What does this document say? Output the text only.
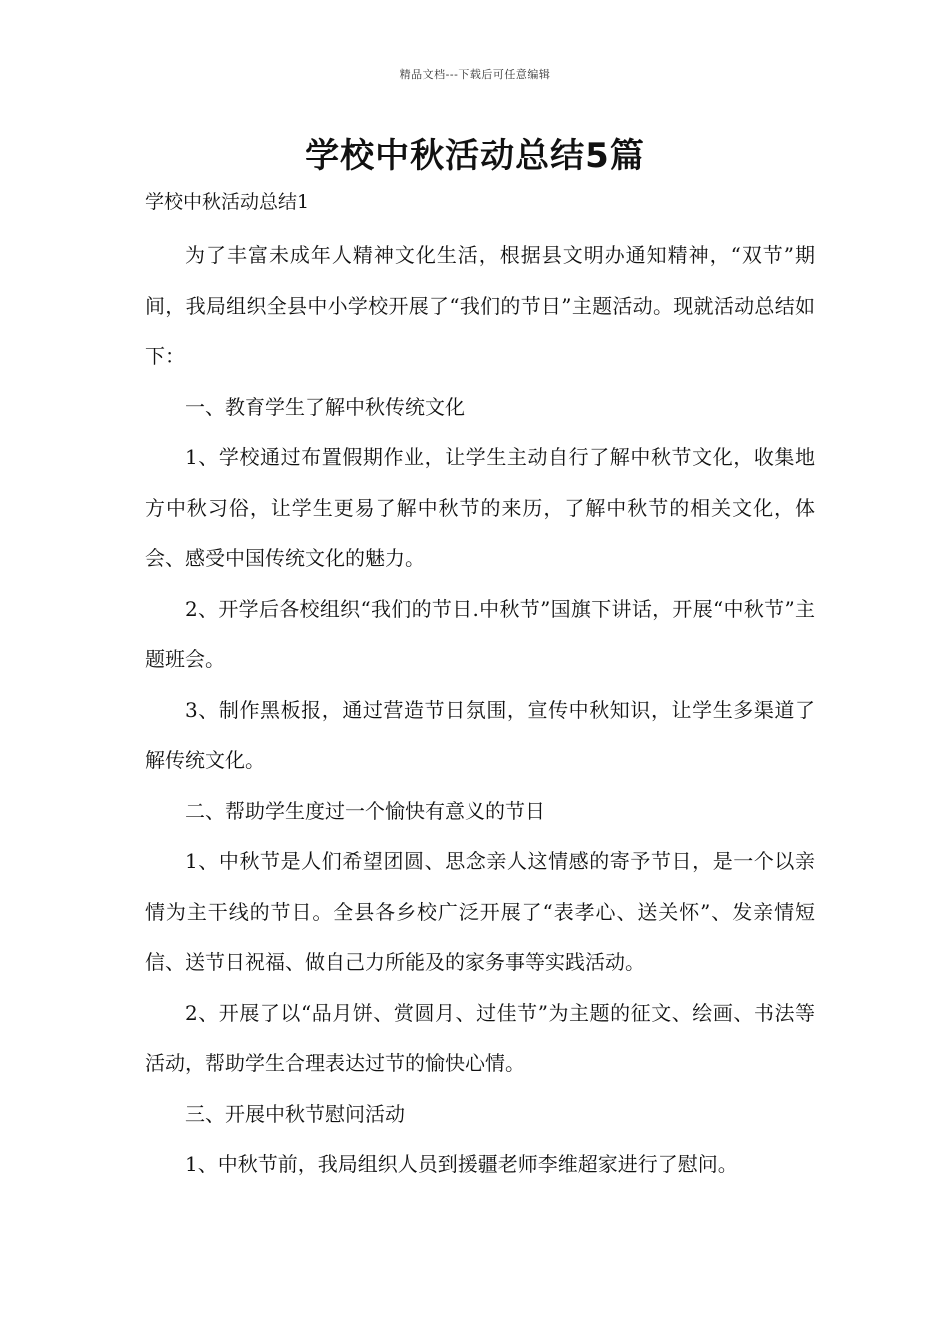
精品文档---下载后可任意编辑
学校中秋活动总结5篇
学校中秋活动总结1

为了丰富未成年人精神文化生活，根据县文明办通知精神，“双节”期间，我局组织全县中小学校开展了“我们的节日”主题活动。现就活动总结如下：

一、教育学生了解中秋传统文化

1、学校通过布置假期作业，让学生主动自行了解中秋节文化，收集地方中秋习俗，让学生更易了解中秋节的来历，了解中秋节的相关文化，体会、感受中国传统文化的魅力。

2、开学后各校组织“我们的节日.中秋节”国旗下讲话，开展“中秋节”主题班会。

3、制作黑板报，通过营造节日氛围，宣传中秋知识，让学生多渠道了解传统文化。

二、帮助学生度过一个愉快有意义的节日

1、中秋节是人们希望团圆、思念亲人这情感的寄予节日，是一个以亲情为主干线的节日。全县各乡校广泛开展了“表孝心、送关怀”、发亲情短信、送节日祝福、做自己力所能及的家务事等实践活动。

2、开展了以“品月饼、赏圆月、过佳节”为主题的征文、绘画、书法等活动，帮助学生合理表达过节的愉快心情。

三、开展中秋节慰问活动

1、中秋节前，我局组织人员到援疆老师李维超家进行了慰问。
